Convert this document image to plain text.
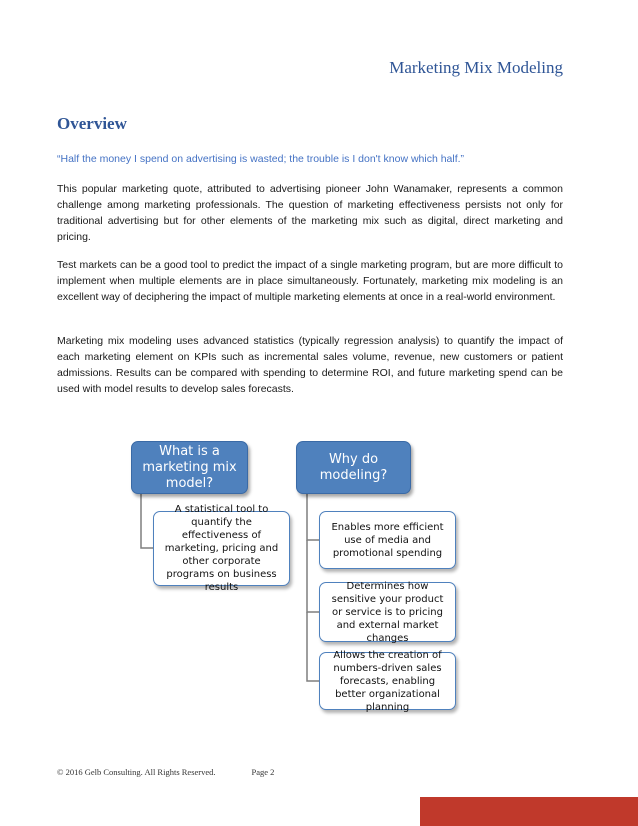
Marketing Mix Modeling
Overview
“Half the money I spend on advertising is wasted; the trouble is I don't know which half.”

This popular marketing quote, attributed to advertising pioneer John Wanamaker, represents a common challenge among marketing professionals. The question of marketing effectiveness persists not only for traditional advertising but for other elements of the marketing mix such as digital, direct marketing and pricing.

Test markets can be a good tool to predict the impact of a single marketing program, but are more difficult to implement when multiple elements are in place simultaneously. Fortunately, marketing mix modeling is an excellent way of deciphering the impact of multiple marketing elements at once in a real-world environment.

Marketing mix modeling uses advanced statistics (typically regression analysis) to quantify the impact of each marketing element on KPIs such as incremental sales volume, revenue, new customers or patient admissions. Results can be compared with spending to determine ROI, and future marketing spend can be used with model results to develop sales forecasts.

What is a marketing mix model?
Why do modeling?
A statistical tool to quantify the effectiveness of marketing, pricing and other corporate programs on business results
Enables more efficient use of media and promotional spending
Determines how sensitive your product or service is to pricing and external market changes
Allows the creation of numbers-driven sales forecasts, enabling better organizational planning
© 2016 Gelb Consulting. All Rights Reserved.	Page 2
